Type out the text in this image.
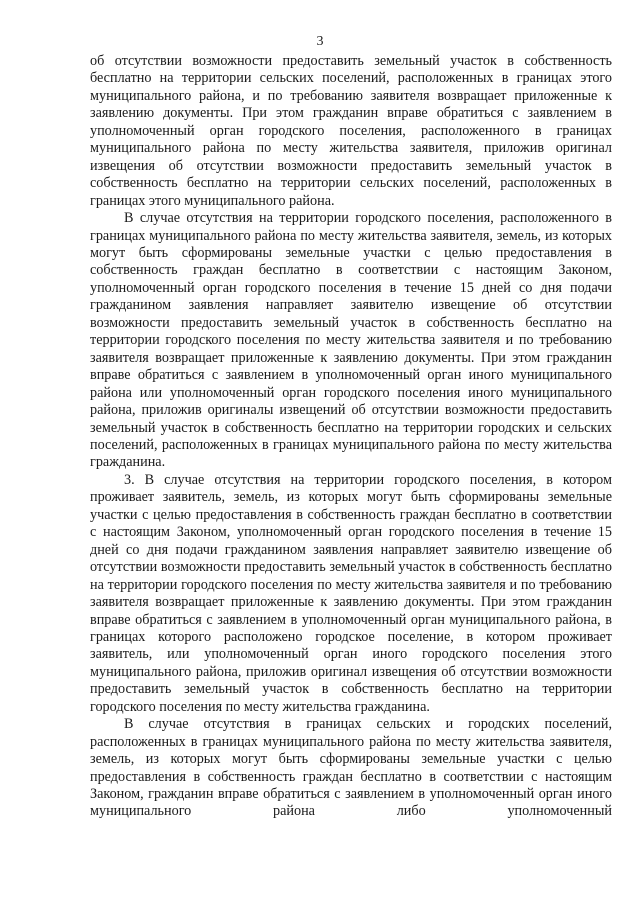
3

об отсутствии возможности предоставить земельный участок в собственность бесплатно на территории сельских поселений, расположенных в границах этого муниципального района, и по требованию заявителя возвращает приложенные к заявлению документы. При этом гражданин вправе обратиться с заявлением в уполномоченный орган городского поселения, расположенного в границах муниципального района по месту жительства заявителя, приложив оригинал извещения об отсутствии возможности предоставить земельный участок в собственность бесплатно на территории сельских поселений, расположенных в границах этого муниципального района.

В случае отсутствия на территории городского поселения, расположенного в границах муниципального района по месту жительства заявителя, земель, из которых могут быть сформированы земельные участки с целью предоставления в собственность граждан бесплатно в соответствии с настоящим Законом, уполномоченный орган городского поселения в течение 15 дней со дня подачи гражданином заявления направляет заявителю извещение об отсутствии возможности предоставить земельный участок в собственность бесплатно на территории городского поселения по месту жительства заявителя и по требованию заявителя возвращает приложенные к заявлению документы. При этом гражданин вправе обратиться с заявлением в уполномоченный орган иного муниципального района или уполномоченный орган городского поселения иного муниципального района, приложив оригиналы извещений об отсутствии возможности предоставить земельный участок в собственность бесплатно на территории городских и сельских поселений, расположенных в границах муниципального района по месту жительства гражданина.

3. В случае отсутствия на территории городского поселения, в котором проживает заявитель, земель, из которых могут быть сформированы земельные участки с целью предоставления в собственность граждан бесплатно в соответствии с настоящим Законом, уполномоченный орган городского поселения в течение 15 дней со дня подачи гражданином заявления направляет заявителю извещение об отсутствии возможности предоставить земельный участок в собственность бесплатно на территории городского поселения по месту жительства заявителя и по требованию заявителя возвращает приложенные к заявлению документы. При этом гражданин вправе обратиться с заявлением в уполномоченный орган муниципального района, в границах которого расположено городское поселение, в котором проживает заявитель, или уполномоченный орган иного городского поселения этого муниципального района, приложив оригинал извещения об отсутствии возможности предоставить земельный участок в собственность бесплатно на территории городского поселения по месту жительства гражданина.

В случае отсутствия в границах сельских и городских поселений, расположенных в границах муниципального района по месту жительства заявителя, земель, из которых могут быть сформированы земельные участки с целью предоставления в собственность граждан бесплатно в соответствии с настоящим Законом, гражданин вправе обратиться с заявлением в уполномоченный орган иного муниципального района либо уполномоченный
